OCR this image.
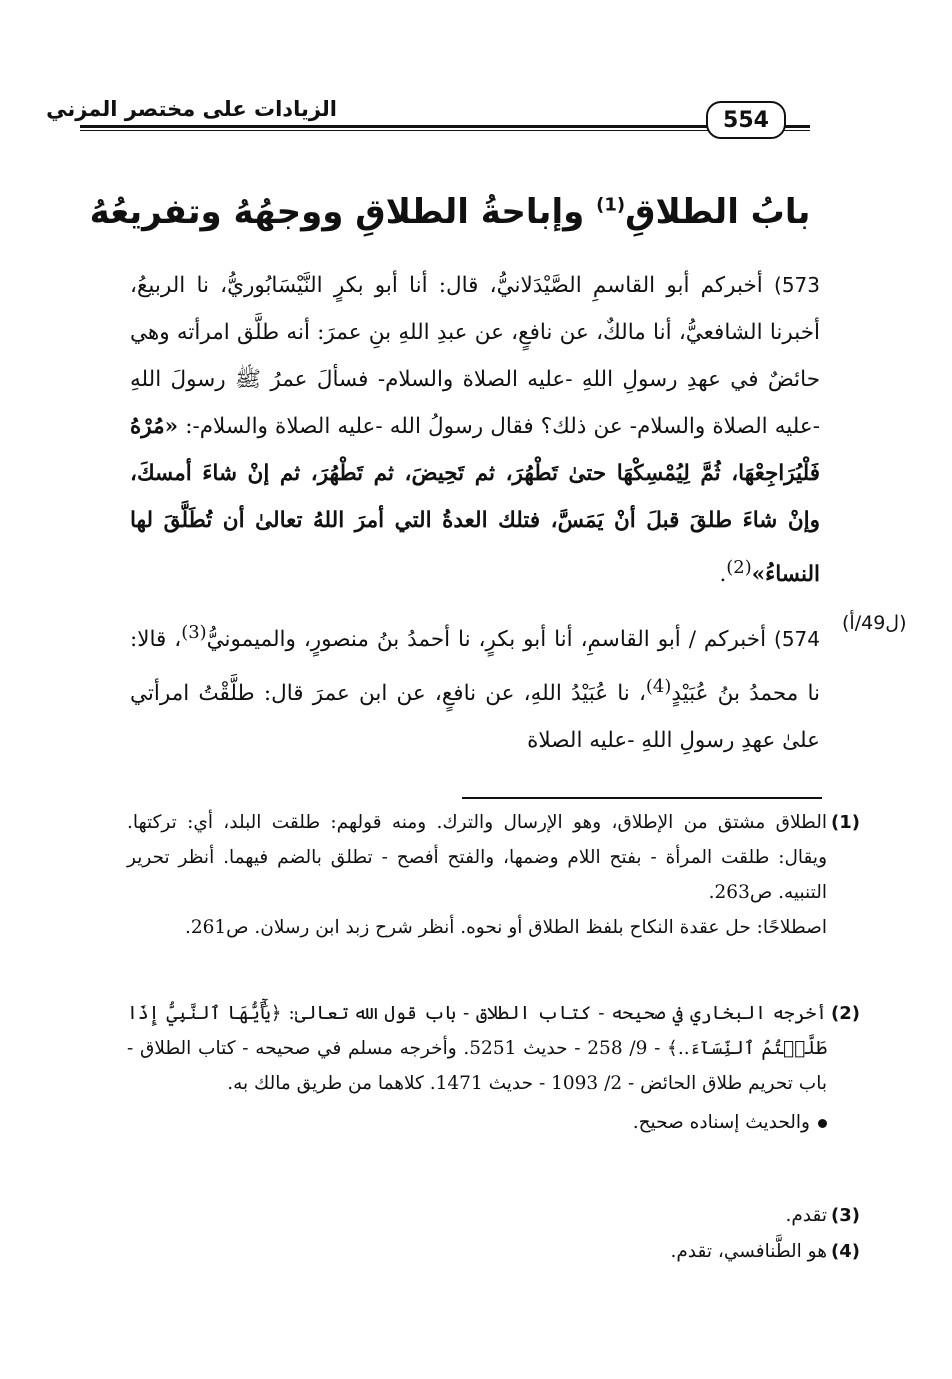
الزيادات على مختصر المزني	554
بابُ الطلاقِ$^{(1)}$ وإباحةُ الطلاقِ ووجهُهُ وتفريعُهُ
573) أخبركم أبو القاسمِ الصَّيْدَلانيُّ، قال: أنا أبو بكرٍ النَّيْسَابُوريُّ، نا الربيعُ، أخبرنا الشافعيُّ، أنا مالكٌ، عن نافعٍ، عن عبدِ اللهِ بنِ عمرَ: أنه طلَّق امرأته وهي حائضٌ في عهدِ رسولِ اللهِ -عليه الصلاة والسلام- فسألَ عمرُ ﷺ رسولَ اللهِ -عليه الصلاة والسلام- عن ذلك؟ فقال رسولُ الله -عليه الصلاة والسلام-: «مُرْهُ فَلْيُرَاجِعْهَا، ثُمَّ لِيُمْسِكْهَا حتىٰ تَطْهُرَ، ثم تَحِيضَ، ثم تَطْهُرَ، ثم إنْ شاءَ أمسكَ، وإنْ شاءَ طلقَ قبلَ أنْ يَمَسَّ، فتلك العدةُ التي أمرَ اللهُ تعالىٰ أن تُطَلَّقَ لها النساءُ»$^{(2)}$.
(ل49/أ)
574) أخبركم / أبو القاسمِ، أنا أبو بكرٍ، نا أحمدُ بنُ منصورٍ، والميمونيُّ$^{(3)}$، قالا: نا محمدُ بنُ عُبَيْدٍ$^{(4)}$، نا عُبَيْدُ اللهِ، عن نافعٍ، عن ابن عمرَ قال: طلَّقْتُ امرأتي علىٰ عهدِ رسولِ اللهِ -عليه الصلاة
(1)
الطلاق مشتق من الإطلاق، وهو الإرسال والترك. ومنه قولهم: طلقت البلد، أي: تركتها. ويقال: طلقت المرأة - بفتح اللام وضمها، والفتح أفصح - تطلق بالضم فيهما. أنظر تحرير التنبيه. ص263.
اصطلاحًا: حل عقدة النكاح بلفظ الطلاق أو نحوه. أنظر شرح زبد ابن رسلان. ص261.
(2)
أخرجه البخاري في صحيحه - كتاب الطلاق - باب قول الله تعالىٰ: ﴿يَٰٓأَيُّهَا ٱلنَّبِيُّ إِذَا طَلَّقۡتُمُ ٱلنِّسَآءَ..﴾ - 9/ 258 - حديث 5251. وأخرجه مسلم في صحيحه - كتاب الطلاق - باب تحريم طلاق الحائض - 2/ 1093 - حديث 1471. كلاهما من طريق مالك به.
والحديث إسناده صحيح.
(3)
تقدم.
(4)
هو الطَّنافسي، تقدم.
